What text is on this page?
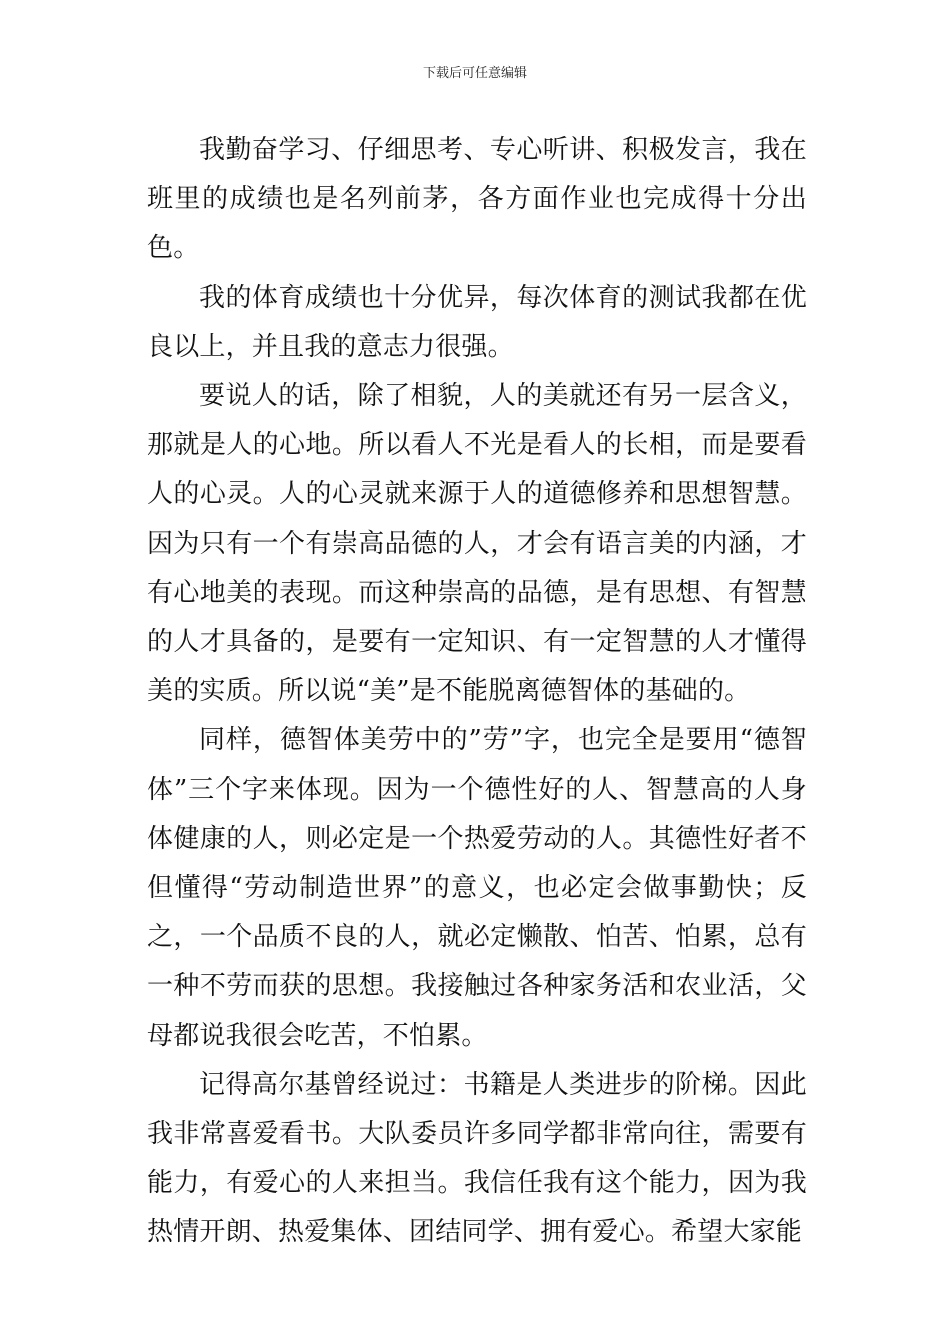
下载后可任意编辑

我勤奋学习、仔细思考、专心听讲、积极发言，我在班里的成绩也是名列前茅，各方面作业也完成得十分出色。

我的体育成绩也十分优异，每次体育的测试我都在优良以上，并且我的意志力很强。

要说人的话，除了相貌，人的美就还有另一层含义，那就是人的心地。所以看人不光是看人的长相，而是要看人的心灵。人的心灵就来源于人的道德修养和思想智慧。因为只有一个有崇高品德的人，才会有语言美的内涵，才有心地美的表现。而这种崇高的品德，是有思想、有智慧的人才具备的，是要有一定知识、有一定智慧的人才懂得美的实质。所以说“美”是不能脱离德智体的基础的。

同样，德智体美劳中的”劳”字，也完全是要用“德智体”三个字来体现。因为一个德性好的人、智慧高的人身体健康的人，则必定是一个热爱劳动的人。其德性好者不但懂得“劳动制造世界”的意义，也必定会做事勤快；反之，一个品质不良的人，就必定懒散、怕苦、怕累，总有一种不劳而获的思想。我接触过各种家务活和农业活，父母都说我很会吃苦，不怕累。

记得高尔基曾经说过：书籍是人类进步的阶梯。因此我非常喜爱看书。大队委员许多同学都非常向往，需要有能力，有爱心的人来担当。我信任我有这个能力，因为我热情开朗、热爱集体、团结同学、拥有爱心。希望大家能
